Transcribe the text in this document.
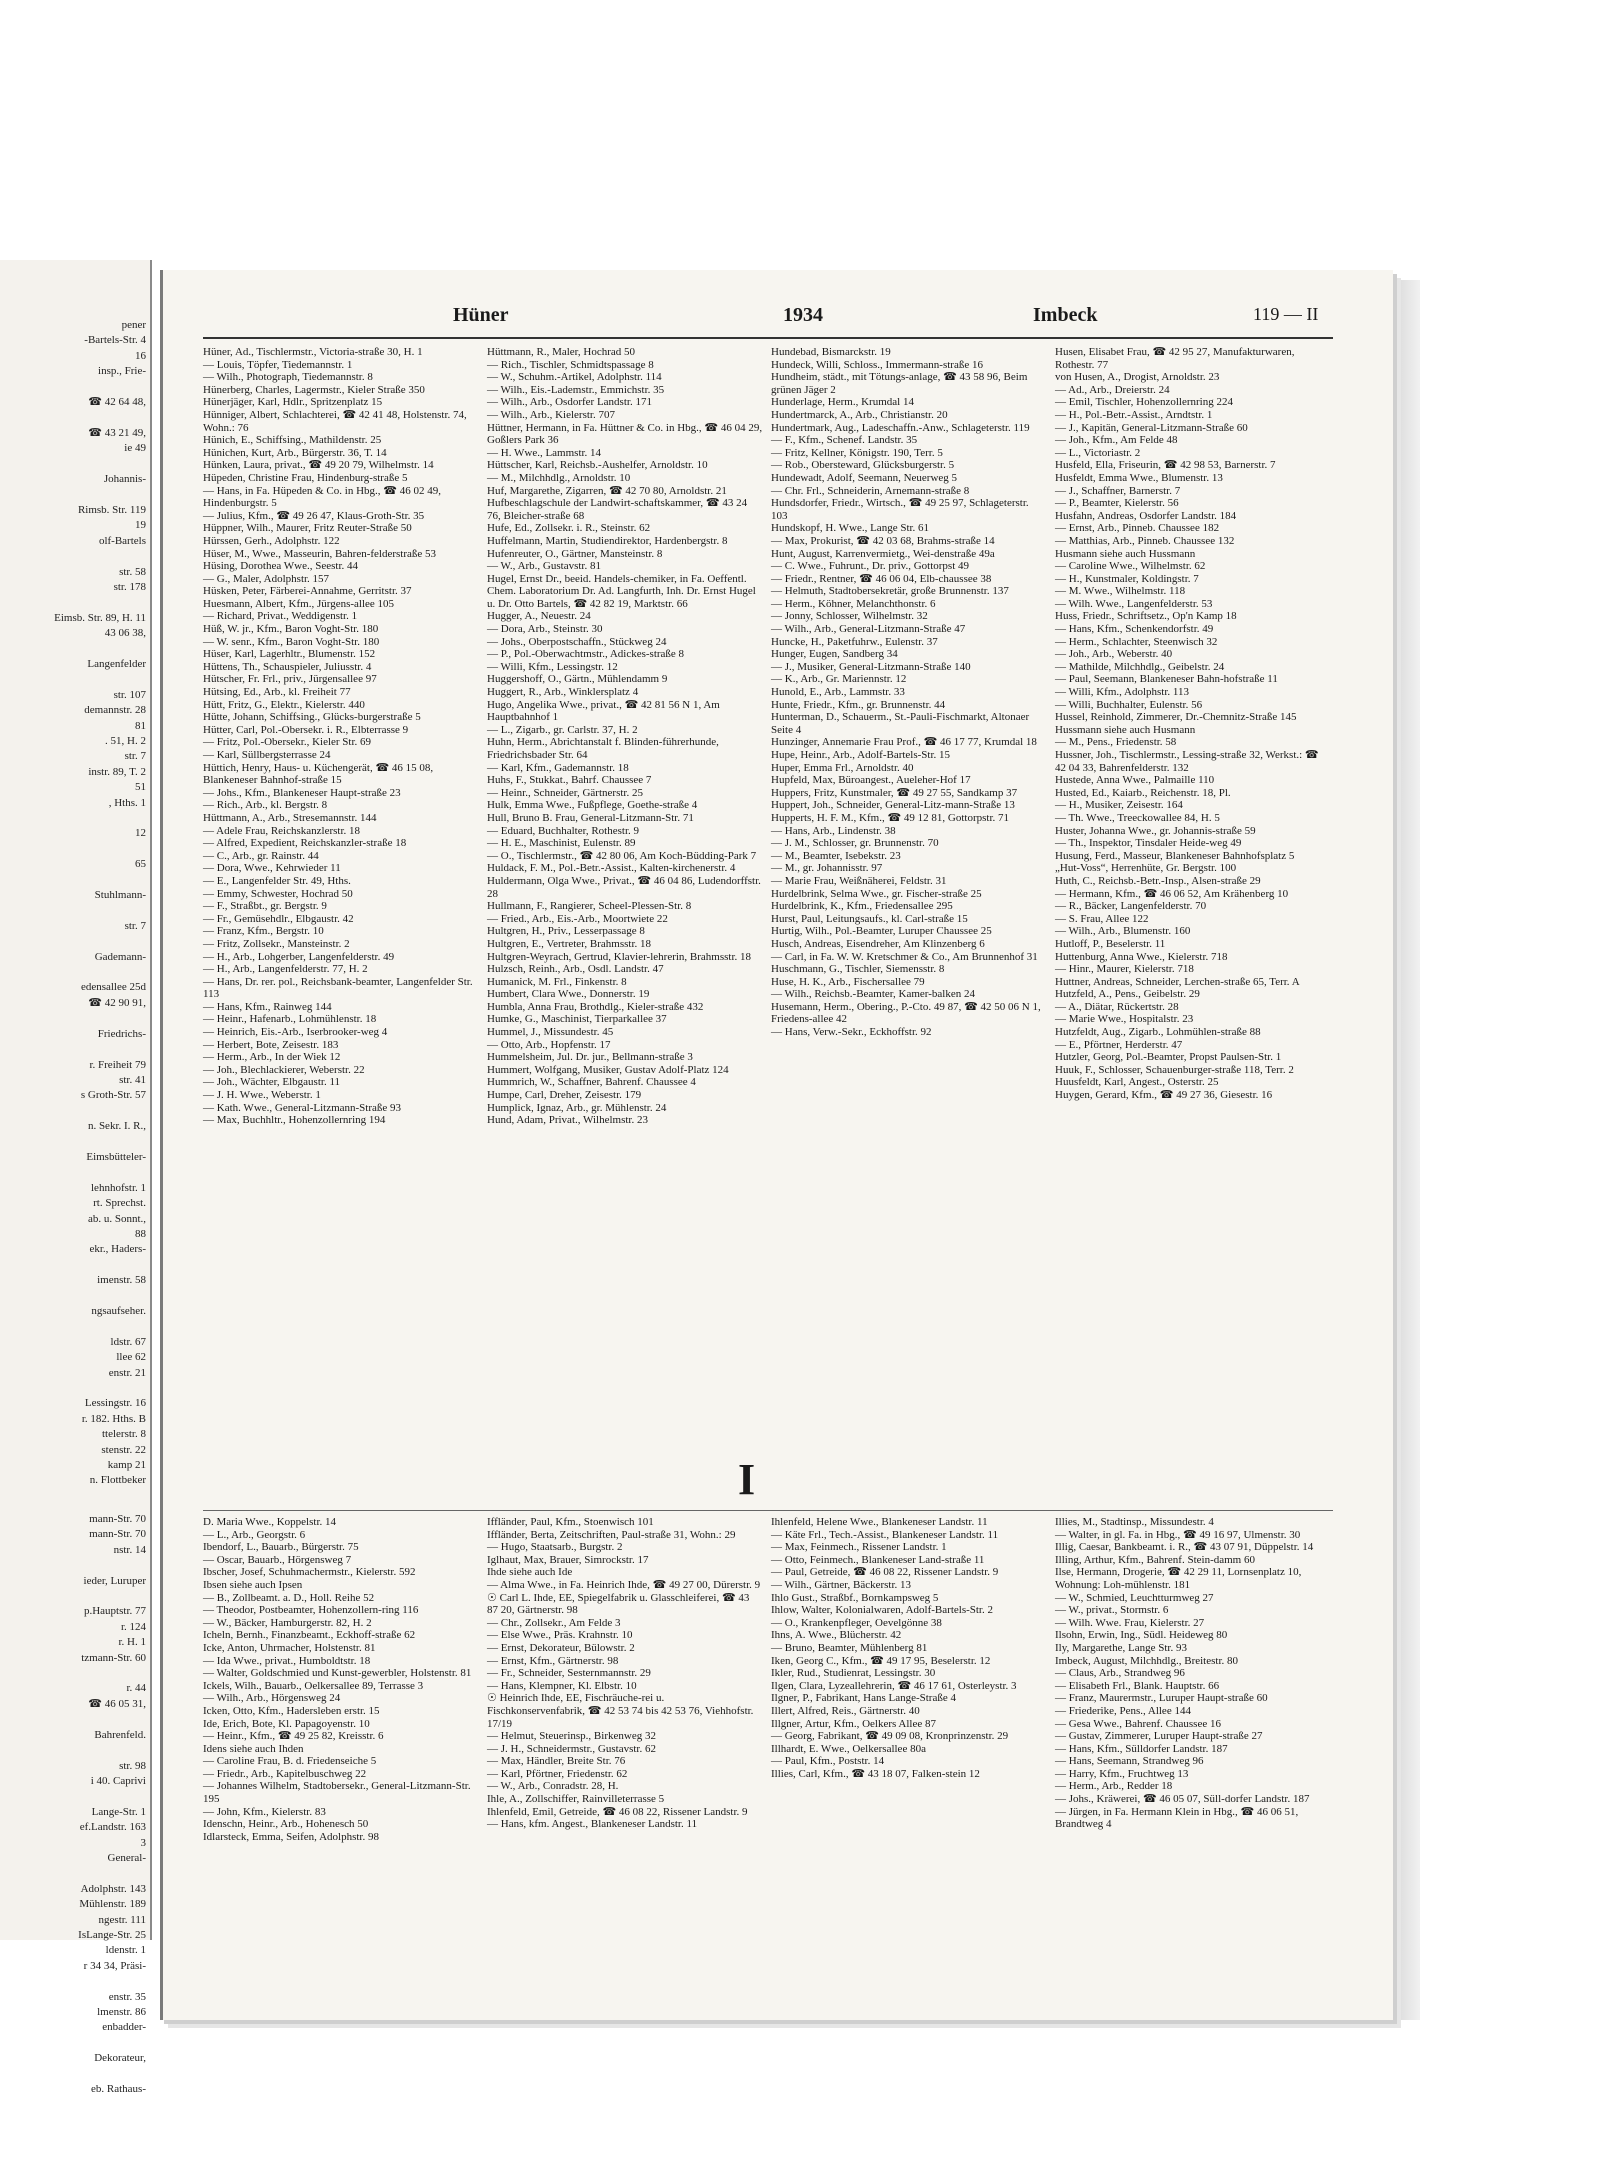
pener
-Bartels-Str. 4
16
insp., Frie-

☎ 42 64 48,

☎ 43 21 49,
ie 49

Johannis-

Rimsb. Str. 119
19
olf-Bartels

str. 58
str. 178

Eimsb. Str. 89, H. 11
43 06 38,

Langenfelder

str. 107
demannstr. 28
81
. 51, H. 2
str. 7
instr. 89, T. 2
51
, Hths. 1

12

65

Stuhlmann-

str. 7

Gademann-

edensallee 25d
☎ 42 90 91,

Friedrichs-

r. Freiheit 79
str. 41
s Groth-Str. 57

n. Sekr. I. R.,

Eimsbütteler-

lehnhofstr. 1
rt. Sprechst.
ab. u. Sonnt.,
88
ekr., Haders-

imenstr. 58

ngsaufseher.

ldstr. 67
llee 62
enstr. 21

Lessingstr. 16
r. 182. Hths. B
ttelerstr. 8
stenstr. 22
kamp 21
n. Flottbeker

mann-Str. 70
mann-Str. 70
nstr. 14

ieder, Luruper

p.Hauptstr. 77
r. 124
r. H. 1
tzmann-Str. 60

r. 44
☎ 46 05 31,

Bahrenfeld.

str. 98
i 40. Caprivi

Lange-Str. 1
ef.Landstr. 163
3
General-

Adolphstr. 143
Mühlenstr. 189
ngestr. 111
IsLange-Str. 25
ldenstr. 1
r 34 34, Präsi-

enstr. 35
lmenstr. 86
enbadder-

Dekorateur,

eb. Rathaus-
Hüner	1934	Imbeck	119 — II

Hüner, Ad., Tischlermstr., Victoria-straße 30, H. 1

— Louis, Töpfer, Tiedemannstr. 1

— Wilh., Photograph, Tiedemannstr. 8

Hünerberg, Charles, Lagermstr., Kieler Straße 350

Hünerjäger, Karl, Hdlr., Spritzenplatz 15

Hünniger, Albert, Schlachterei, ☎ 42 41 48, Holstenstr. 74, Wohn.: 76

Hünich, E., Schiffsing., Mathildenstr. 25

Hünichen, Kurt, Arb., Bürgerstr. 36, T. 14

Hünken, Laura, privat., ☎ 49 20 79, Wilhelmstr. 14

Hüpeden, Christine Frau, Hindenburg-straße 5

— Hans, in Fa. Hüpeden & Co. in Hbg., ☎ 46 02 49, Hindenburgstr. 5

— Julius, Kfm., ☎ 49 26 47, Klaus-Groth-Str. 35

Hüppner, Wilh., Maurer, Fritz Reuter-Straße 50

Hürssen, Gerh., Adolphstr. 122

Hüser, M., Wwe., Masseurin, Bahren-felderstraße 53

Hüsing, Dorothea Wwe., Seestr. 44

— G., Maler, Adolphstr. 157

Hüsken, Peter, Färberei-Annahme, Gerritstr. 37

Huesmann, Albert, Kfm., Jürgens-allee 105

— Richard, Privat., Weddigenstr. 1

Hüß, W. jr., Kfm., Baron Voght-Str. 180

— W. senr., Kfm., Baron Voght-Str. 180

Hüser, Karl, Lagerhltr., Blumenstr. 152

Hüttens, Th., Schauspieler, Juliusstr. 4

Hütscher, Fr. Frl., priv., Jürgensallee 97

Hütsing, Ed., Arb., kl. Freiheit 77

Hütt, Fritz, G., Elektr., Kielerstr. 440

Hütte, Johann, Schiffsing., Glücks-burgerstraße 5

Hütter, Carl, Pol.-Obersekr. i. R., Elbterrasse 9

— Fritz, Pol.-Obersekr., Kieler Str. 69

— Karl, Süllbergsterrasse 24

Hüttich, Henry, Haus- u. Küchengerät, ☎ 46 15 08, Blankeneser Bahnhof-straße 15

— Johs., Kfm., Blankeneser Haupt-straße 23

— Rich., Arb., kl. Bergstr. 8

Hüttmann, A., Arb., Stresemannstr. 144

— Adele Frau, Reichskanzlerstr. 18

— Alfred, Expedient, Reichskanzler-straße 18

— C., Arb., gr. Rainstr. 44

— Dora, Wwe., Kehrwieder 11

— E., Langenfelder Str. 49, Hths.

— Emmy, Schwester, Hochrad 50

— F., Straßbt., gr. Bergstr. 9

— Fr., Gemüsehdlr., Elbgaustr. 42

— Franz, Kfm., Bergstr. 10

— Fritz, Zollsekr., Mansteinstr. 2

— H., Arb., Lohgerber, Langenfelderstr. 49

— H., Arb., Langenfelderstr. 77, H. 2

— Hans, Dr. rer. pol., Reichsbank-beamter, Langenfelder Str. 113

— Hans, Kfm., Rainweg 144

— Heinr., Hafenarb., Lohmühlenstr. 18

— Heinrich, Eis.-Arb., Iserbrooker-weg 4

— Herbert, Bote, Zeisestr. 183

— Herm., Arb., In der Wiek 12

— Joh., Blechlackierer, Weberstr. 22

— Joh., Wächter, Elbgaustr. 11

— J. H. Wwe., Weberstr. 1

— Kath. Wwe., General-Litzmann-Straße 93

— Max, Buchhltr., Hohenzollernring 194

Hüttmann, R., Maler, Hochrad 50

— Rich., Tischler, Schmidtspassage 8

— W., Schuhm.-Artikel, Adolphstr. 114

— Wilh., Eis.-Lademstr., Emmichstr. 35

— Wilh., Arb., Osdorfer Landstr. 171

— Wilh., Arb., Kielerstr. 707

Hüttner, Hermann, in Fa. Hüttner & Co. in Hbg., ☎ 46 04 29, Goßlers Park 36

— H. Wwe., Lammstr. 14

Hüttscher, Karl, Reichsb.-Aushelfer, Arnoldstr. 10

— M., Milchhdlg., Arnoldstr. 10

Huf, Margarethe, Zigarren, ☎ 42 70 80, Arnoldstr. 21

Hufbeschlagschule der Landwirt-schaftskammer, ☎ 43 24 76, Bleicher-straße 68

Hufe, Ed., Zollsekr. i. R., Steinstr. 62

Huffelmann, Martin, Studiendirektor, Hardenbergstr. 8

Hufenreuter, O., Gärtner, Mansteinstr. 8

— W., Arb., Gustavstr. 81

Hugel, Ernst Dr., beeid. Handels-chemiker, in Fa. Oeffentl. Chem. Laboratorium Dr. Ad. Langfurth, Inh. Dr. Ernst Hugel u. Dr. Otto Bartels, ☎ 42 82 19, Marktstr. 66

Hugger, A., Neuestr. 24

— Dora, Arb., Steinstr. 30

— Johs., Oberpostschaffn., Stückweg 24

— P., Pol.-Oberwachtmstr., Adickes-straße 8

— Willi, Kfm., Lessingstr. 12

Huggershoff, O., Gärtn., Mühlendamm 9

Huggert, R., Arb., Winklersplatz 4

Hugo, Angelika Wwe., privat., ☎ 42 81 56 N 1, Am Hauptbahnhof 1

— L., Zigarb., gr. Carlstr. 37, H. 2

Huhn, Herm., Abrichtanstalt f. Blinden-führerhunde, Friedrichsbader Str. 64

— Karl, Kfm., Gademannstr. 18

Huhs, F., Stukkat., Bahrf. Chaussee 7

— Heinr., Schneider, Gärtnerstr. 25

Hulk, Emma Wwe., Fußpflege, Goethe-straße 4

Hull, Bruno B. Frau, General-Litzmann-Str. 71

— Eduard, Buchhalter, Rothestr. 9

— H. E., Maschinist, Eulenstr. 89

— O., Tischlermstr., ☎ 42 80 06, Am Koch-Büdding-Park 7

Huldack, F. M., Pol.-Betr.-Assist., Kalten-kirchenerstr. 4

Huldermann, Olga Wwe., Privat., ☎ 46 04 86, Ludendorffstr. 28

Hullmann, F., Rangierer, Scheel-Plessen-Str. 8

— Fried., Arb., Eis.-Arb., Moortwiete 22

Hultgren, H., Priv., Lesserpassage 8

Hultgren, E., Vertreter, Brahmsstr. 18

Hultgren-Weyrach, Gertrud, Klavier-lehrerin, Brahmsstr. 18

Hulzsch, Reinh., Arb., Osdl. Landstr. 47

Humanick, M. Frl., Finkenstr. 8

Humbert, Clara Wwe., Donnerstr. 19

Humbla, Anna Frau, Brothdlg., Kieler-straße 432

Humke, G., Maschinist, Tierparkallee 37

Hummel, J., Missundestr. 45

— Otto, Arb., Hopfenstr. 17

Hummelsheim, Jul. Dr. jur., Bellmann-straße 3

Hummert, Wolfgang, Musiker, Gustav Adolf-Platz 124

Hummrich, W., Schaffner, Bahrenf. Chaussee 4

Humpe, Carl, Dreher, Zeisestr. 179

Humplick, Ignaz, Arb., gr. Mühlenstr. 24

Hund, Adam, Privat., Wilhelmstr. 23

Hundebad, Bismarckstr. 19

Hundeck, Willi, Schloss., Immermann-straße 16

Hundheim, städt., mit Tötungs-anlage, ☎ 43 58 96, Beim grünen Jäger 2

Hunderlage, Herm., Krumdal 14

Hundertmarck, A., Arb., Christianstr. 20

Hundertmark, Aug., Ladeschaffn.-Anw., Schlageterstr. 119

— F., Kfm., Schenef. Landstr. 35

— Fritz, Kellner, Königstr. 190, Terr. 5

— Rob., Obersteward, Glücksburgerstr. 5

Hundewadt, Adolf, Seemann, Neuerweg 5

— Chr. Frl., Schneiderin, Arnemann-straße 8

Hundsdorfer, Friedr., Wirtsch., ☎ 49 25 97, Schlageterstr. 103

Hundskopf, H. Wwe., Lange Str. 61

— Max, Prokurist, ☎ 42 03 68, Brahms-straße 14

Hunt, August, Karrenvermietg., Wei-denstraße 49a

— C. Wwe., Fuhrunt., Dr. priv., Gottorpst 49

— Friedr., Rentner, ☎ 46 06 04, Elb-chaussee 38

— Helmuth, Stadtobersekretär, große Brunnenstr. 137

— Herm., Köhner, Melanchthonstr. 6

— Jonny, Schlosser, Wilhelmstr. 32

— Wilh., Arb., General-Litzmann-Straße 47

Huncke, H., Paketfuhrw., Eulenstr. 37

Hunger, Eugen, Sandberg 34

— J., Musiker, General-Litzmann-Straße 140

— K., Arb., Gr. Mariennstr. 12

Hunold, E., Arb., Lammstr. 33

Hunte, Friedr., Kfm., gr. Brunnenstr. 44

Hunterman, D., Schauerm., St.-Pauli-Fischmarkt, Altonaer Seite 4

Hunzinger, Annemarie Frau Prof., ☎ 46 17 77, Krumdal 18

Hupe, Heinr., Arb., Adolf-Bartels-Str. 15

Huper, Emma Frl., Arnoldstr. 40

Hupfeld, Max, Büroangest., Aueleher-Hof 17

Huppers, Fritz, Kunstmaler, ☎ 49 27 55, Sandkamp 37

Huppert, Joh., Schneider, General-Litz-mann-Straße 13

Hupperts, H. F. M., Kfm., ☎ 49 12 81, Gottorpstr. 71

— Hans, Arb., Lindenstr. 38

— J. M., Schlosser, gr. Brunnenstr. 70

— M., Beamter, Isebekstr. 23

— M., gr. Johannisstr. 97

— Marie Frau, Weißnäherei, Feldstr. 31

Hurdelbrink, Selma Wwe., gr. Fischer-straße 25

Hurdelbrink, K., Kfm., Friedensallee 295

Hurst, Paul, Leitungsaufs., kl. Carl-straße 15

Hurtig, Wilh., Pol.-Beamter, Luruper Chaussee 25

Husch, Andreas, Eisendreher, Am Klinzenberg 6

— Carl, in Fa. W. W. Kretschmer & Co., Am Brunnenhof 31

Huschmann, G., Tischler, Siemensstr. 8

Huse, H. K., Arb., Fischersallee 79

— Wilh., Reichsb.-Beamter, Kamer-balken 24

Husemann, Herm., Obering., P.-Cto. 49 87, ☎ 42 50 06 N 1, Friedens-allee 42

— Hans, Verw.-Sekr., Eckhoffstr. 92

Husen, Elisabet Frau, ☎ 42 95 27, Manufakturwaren, Rothestr. 77

von Husen, A., Drogist, Arnoldstr. 23

— Ad., Arb., Dreierstr. 24

— Emil, Tischler, Hohenzollernring 224

— H., Pol.-Betr.-Assist., Arndtstr. 1

— J., Kapitän, General-Litzmann-Straße 60

— Joh., Kfm., Am Felde 48

— L., Victoriastr. 2

Husfeld, Ella, Friseurin, ☎ 42 98 53, Barnerstr. 7

Husfeldt, Emma Wwe., Blumenstr. 13

— J., Schaffner, Barnerstr. 7

— P., Beamter, Kielerstr. 56

Husfahn, Andreas, Osdorfer Landstr. 184

— Ernst, Arb., Pinneb. Chaussee 182

— Matthias, Arb., Pinneb. Chaussee 132

Husmann siehe auch Hussmann

— Caroline Wwe., Wilhelmstr. 62

— H., Kunstmaler, Koldingstr. 7

— M. Wwe., Wilhelmstr. 118

— Wilh. Wwe., Langenfelderstr. 53

Huss, Friedr., Schriftsetz., Op'n Kamp 18

— Hans, Kfm., Schenkendorfstr. 49

— Herm., Schlachter, Steenwisch 32

— Joh., Arb., Weberstr. 40

— Mathilde, Milchhdlg., Geibelstr. 24

— Paul, Seemann, Blankeneser Bahn-hofstraße 11

— Willi, Kfm., Adolphstr. 113

— Willi, Buchhalter, Eulenstr. 56

Hussel, Reinhold, Zimmerer, Dr.-Chemnitz-Straße 145

Hussmann siehe auch Husmann

— M., Pens., Friedenstr. 58

Hussner, Joh., Tischlermstr., Lessing-straße 32, Werkst.: ☎ 42 04 33, Bahrenfelderstr. 132

Hustede, Anna Wwe., Palmaille 110

Husted, Ed., Kaiarb., Reichenstr. 18, Pl.

— H., Musiker, Zeisestr. 164

— Th. Wwe., Treeckowallee 84, H. 5

Huster, Johanna Wwe., gr. Johannis-straße 59

— Th., Inspektor, Tinsdaler Heide-weg 49

Husung, Ferd., Masseur, Blankeneser Bahnhofsplatz 5

„Hut-Voss“, Herrenhüte, Gr. Bergstr. 100

Huth, C., Reichsb.-Betr.-Insp., Alsen-straße 29

— Hermann, Kfm., ☎ 46 06 52, Am Krähenberg 10

— R., Bäcker, Langenfelderstr. 70

— S. Frau, Allee 122

— Wilh., Arb., Blumenstr. 160

Hutloff, P., Beselerstr. 11

Huttenburg, Anna Wwe., Kielerstr. 718

— Hinr., Maurer, Kielerstr. 718

Huttner, Andreas, Schneider, Lerchen-straße 65, Terr. A

Hutzfeld, A., Pens., Geibelstr. 29

— A., Diätar, Rückertstr. 28

— Marie Wwe., Hospitalstr. 23

Hutzfeldt, Aug., Zigarb., Lohmühlen-straße 88

— E., Pförtner, Herderstr. 47

Hutzler, Georg, Pol.-Beamter, Propst Paulsen-Str. 1

Huuk, F., Schlosser, Schauenburger-straße 118, Terr. 2

Huusfeldt, Karl, Angest., Osterstr. 25

Huygen, Gerard, Kfm., ☎ 49 27 36, Giesestr. 16

I

D. Maria Wwe., Koppelstr. 14

— L., Arb., Georgstr. 6

Ibendorf, L., Bauarb., Bürgerstr. 75

— Oscar, Bauarb., Hörgensweg 7

Ibscher, Josef, Schuhmachermstr., Kielerstr. 592

Ibsen siehe auch Ipsen

— B., Zollbeamt. a. D., Holl. Reihe 52

— Theodor, Postbeamter, Hohenzollern-ring 116

— W., Bäcker, Hamburgerstr. 82, H. 2

Icheln, Bernh., Finanzbeamt., Eckhoff-straße 62

Icke, Anton, Uhrmacher, Holstenstr. 81

— Ida Wwe., privat., Humboldtstr. 18

— Walter, Goldschmied und Kunst-gewerbler, Holstenstr. 81

Ickels, Wilh., Bauarb., Oelkersallee 89, Terrasse 3

— Wilh., Arb., Hörgensweg 24

Icken, Otto, Kfm., Hadersleben erstr. 15

Ide, Erich, Bote, Kl. Papagoyenstr. 10

— Heinr., Kfm., ☎ 49 25 82, Kreisstr. 6

Idens siehe auch Ihden

— Caroline Frau, B. d. Friedenseiche 5

— Friedr., Arb., Kapitelbuschweg 22

— Johannes Wilhelm, Stadtobersekr., General-Litzmann-Str. 195

— John, Kfm., Kielerstr. 83

Idenschn, Heinr., Arb., Hohenesch 50

Idlarsteck, Emma, Seifen, Adolphstr. 98

Iffländer, Paul, Kfm., Stoenwisch 101

Iffländer, Berta, Zeitschriften, Paul-straße 31, Wohn.: 29

— Hugo, Staatsarb., Burgstr. 2

Iglhaut, Max, Brauer, Simrockstr. 17

Ihde siehe auch Ide

— Alma Wwe., in Fa. Heinrich Ihde, ☎ 49 27 00, Dürerstr. 9

☉ Carl L. Ihde, EE, Spiegelfabrik u. Glasschleiferei, ☎ 43 87 20, Gärtnerstr. 98

— Chr., Zollsekr., Am Felde 3

— Else Wwe., Präs. Krahnstr. 10

— Ernst, Dekorateur, Bülowstr. 2

— Ernst, Kfm., Gärtnerstr. 98

— Fr., Schneider, Sesternmannstr. 29

— Hans, Klempner, Kl. Elbstr. 10

☉ Heinrich Ihde, EE, Fischräuche-rei u. Fischkonservenfabrik, ☎ 42 53 74 bis 42 53 76, Viehhofstr. 17/19

— Helmut, Steuerinsp., Birkenweg 32

— J. H., Schneidermstr., Gustavstr. 62

— Max, Händler, Breite Str. 76

— Karl, Pförtner, Friedenstr. 62

— W., Arb., Conradstr. 28, H.

Ihle, A., Zollschiffer, Rainvilleterrasse 5

Ihlenfeld, Emil, Getreide, ☎ 46 08 22, Rissener Landstr. 9

— Hans, kfm. Angest., Blankeneser Landstr. 11

Ihlenfeld, Helene Wwe., Blankeneser Landstr. 11

— Käte Frl., Tech.-Assist., Blankeneser Landstr. 11

— Max, Feinmech., Rissener Landstr. 1

— Otto, Feinmech., Blankeneser Land-straße 11

— Paul, Getreide, ☎ 46 08 22, Rissener Landstr. 9

— Wilh., Gärtner, Bäckerstr. 13

Ihlo Gust., Straßbf., Bornkampsweg 5

Ihlow, Walter, Kolonialwaren, Adolf-Bartels-Str. 2

— O., Krankenpfleger, Oevelgönne 38

Ihns, A. Wwe., Blücherstr. 42

— Bruno, Beamter, Mühlenberg 81

Iken, Georg C., Kfm., ☎ 49 17 95, Beselerstr. 12

Ikler, Rud., Studienrat, Lessingstr. 30

Ilgen, Clara, Lyzeallehrerin, ☎ 46 17 61, Osterleystr. 3

Ilgner, P., Fabrikant, Hans Lange-Straße 4

Illert, Alfred, Reis., Gärtnerstr. 40

Illgner, Artur, Kfm., Oelkers Allee 87

— Georg, Fabrikant, ☎ 49 09 08, Kronprinzenstr. 29

Illhardt, E. Wwe., Oelkersallee 80a

— Paul, Kfm., Poststr. 14

Illies, Carl, Kfm., ☎ 43 18 07, Falken-stein 12

Illies, M., Stadtinsp., Missundestr. 4

— Walter, in gl. Fa. in Hbg., ☎ 49 16 97, Ulmenstr. 30

Illig, Caesar, Bankbeamt. i. R., ☎ 43 07 91, Düppelstr. 14

Illing, Arthur, Kfm., Bahrenf. Stein-damm 60

Ilse, Hermann, Drogerie, ☎ 42 29 11, Lornsenplatz 10, Wohnung: Loh-mühlenstr. 181

— W., Schmied, Leuchtturmweg 27

— W., privat., Stormstr. 6

— Wilh. Wwe. Frau, Kielerstr. 27

Ilsohn, Erwin, Ing., Südl. Heideweg 80

Ily, Margarethe, Lange Str. 93

Imbeck, August, Milchhdlg., Breitestr. 80

— Claus, Arb., Strandweg 96

— Elisabeth Frl., Blank. Hauptstr. 66

— Franz, Maurermstr., Luruper Haupt-straße 60

— Friederike, Pens., Allee 144

— Gesa Wwe., Bahrenf. Chaussee 16

— Gustav, Zimmerer, Luruper Haupt-straße 27

— Hans, Kfm., Sülldorfer Landstr. 187

— Hans, Seemann, Strandweg 96

— Harry, Kfm., Fruchtweg 13

— Herm., Arb., Redder 18

— Johs., Kräwerei, ☎ 46 05 07, Süll-dorfer Landstr. 187

— Jürgen, in Fa. Hermann Klein in Hbg., ☎ 46 06 51, Brandtweg 4
